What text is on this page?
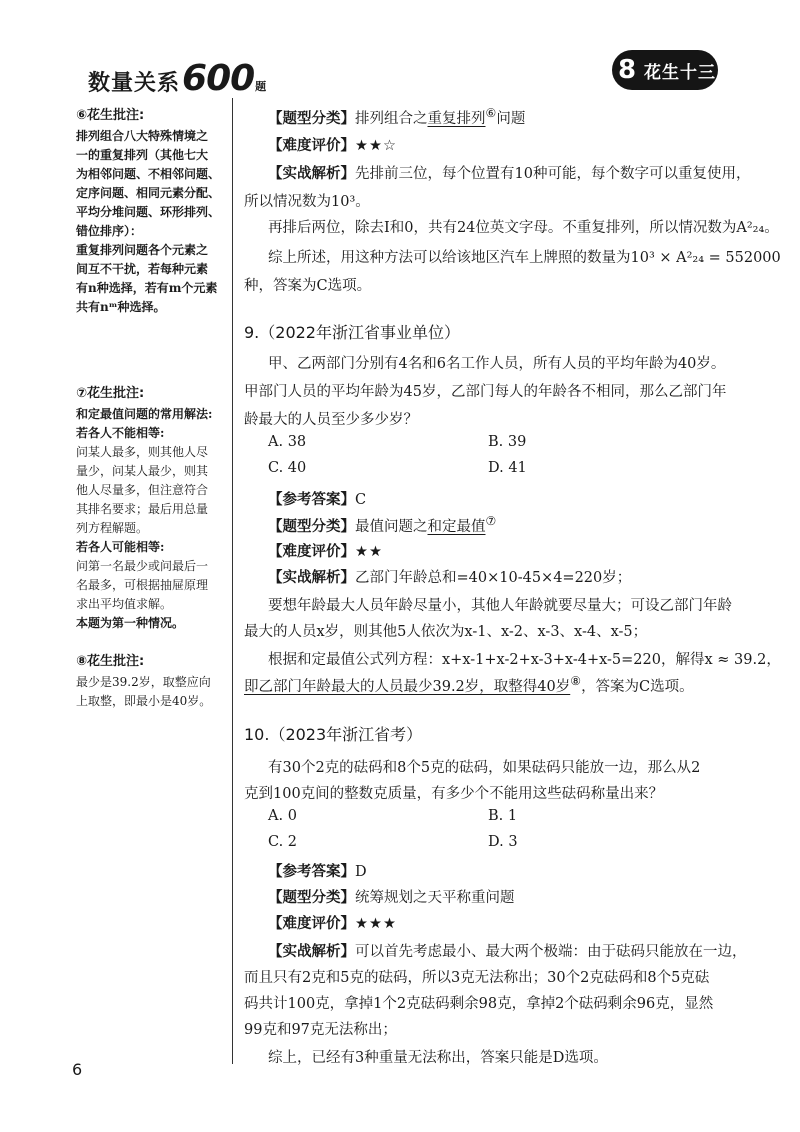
数量关系600题
8 花生十三
⑥花生批注:

排列组合八大特殊情境之

一的重复排列（其他七大

为相邻问题、不相邻问题、

定序问题、相同元素分配、

平均分堆问题、环形排列、

错位排序）：

重复排列问题各个元素之

间互不干扰，若每种元素

有n种选择，若有m个元素

共有nᵐ种选择。

⑦花生批注:

和定最值问题的常用解法:

若各人不能相等:

问某人最多，则其他人尽

量少，问某人最少，则其

他人尽量多，但注意符合

其排名要求；最后用总量

列方程解题。

若各人可能相等:

问第一名最少或问最后一

名最多，可根据抽屉原理

求出平均值求解。

本题为第一种情况。

⑧花生批注:

最少是39.2岁，取整应向

上取整，即最小是40岁。

【题型分类】排列组合之重复排列⑥问题
【难度评价】★★☆
【实战解析】先排前三位，每个位置有10种可能，每个数字可以重复使用，
所以情况数为10³。
再排后两位，除去I和0，共有24位英文字母。不重复排列，所以情况数为A²₂₄。
综上所述，用这种方法可以给该地区汽车上牌照的数量为10³ × A²₂₄ = 552000
种，答案为C选项。
9.（2022年浙江省事业单位）
甲、乙两部门分别有4名和6名工作人员，所有人员的平均年龄为40岁。
甲部门人员的平均年龄为45岁，乙部门每人的年龄各不相同，那么乙部门年
龄最大的人员至少多少岁？
A. 38	B. 39
C. 40	D. 41
【参考答案】C
【题型分类】最值问题之和定最值⑦
【难度评价】★★
【实战解析】乙部门年龄总和=40×10-45×4=220岁；
要想年龄最大人员年龄尽量小，其他人年龄就要尽量大；可设乙部门年龄
最大的人员x岁，则其他5人依次为x-1、x-2、x-3、x-4、x-5；
根据和定最值公式列方程：x+x-1+x-2+x-3+x-4+x-5=220，解得x ≈ 39.2，
即乙部门年龄最大的人员最少39.2岁，取整得40岁⑧，答案为C选项。
10.（2023年浙江省考）
有30个2克的砝码和8个5克的砝码，如果砝码只能放一边，那么从2
克到100克间的整数克质量，有多少个不能用这些砝码称量出来？
A. 0	B. 1
C. 2	D. 3
【参考答案】D
【题型分类】统筹规划之天平称重问题
【难度评价】★★★
【实战解析】可以首先考虑最小、最大两个极端：由于砝码只能放在一边，
而且只有2克和5克的砝码，所以3克无法称出；30个2克砝码和8个5克砝
码共计100克，拿掉1个2克砝码剩余98克，拿掉2个砝码剩余96克，显然
99克和97克无法称出；
综上，已经有3种重量无法称出，答案只能是D选项。
6
